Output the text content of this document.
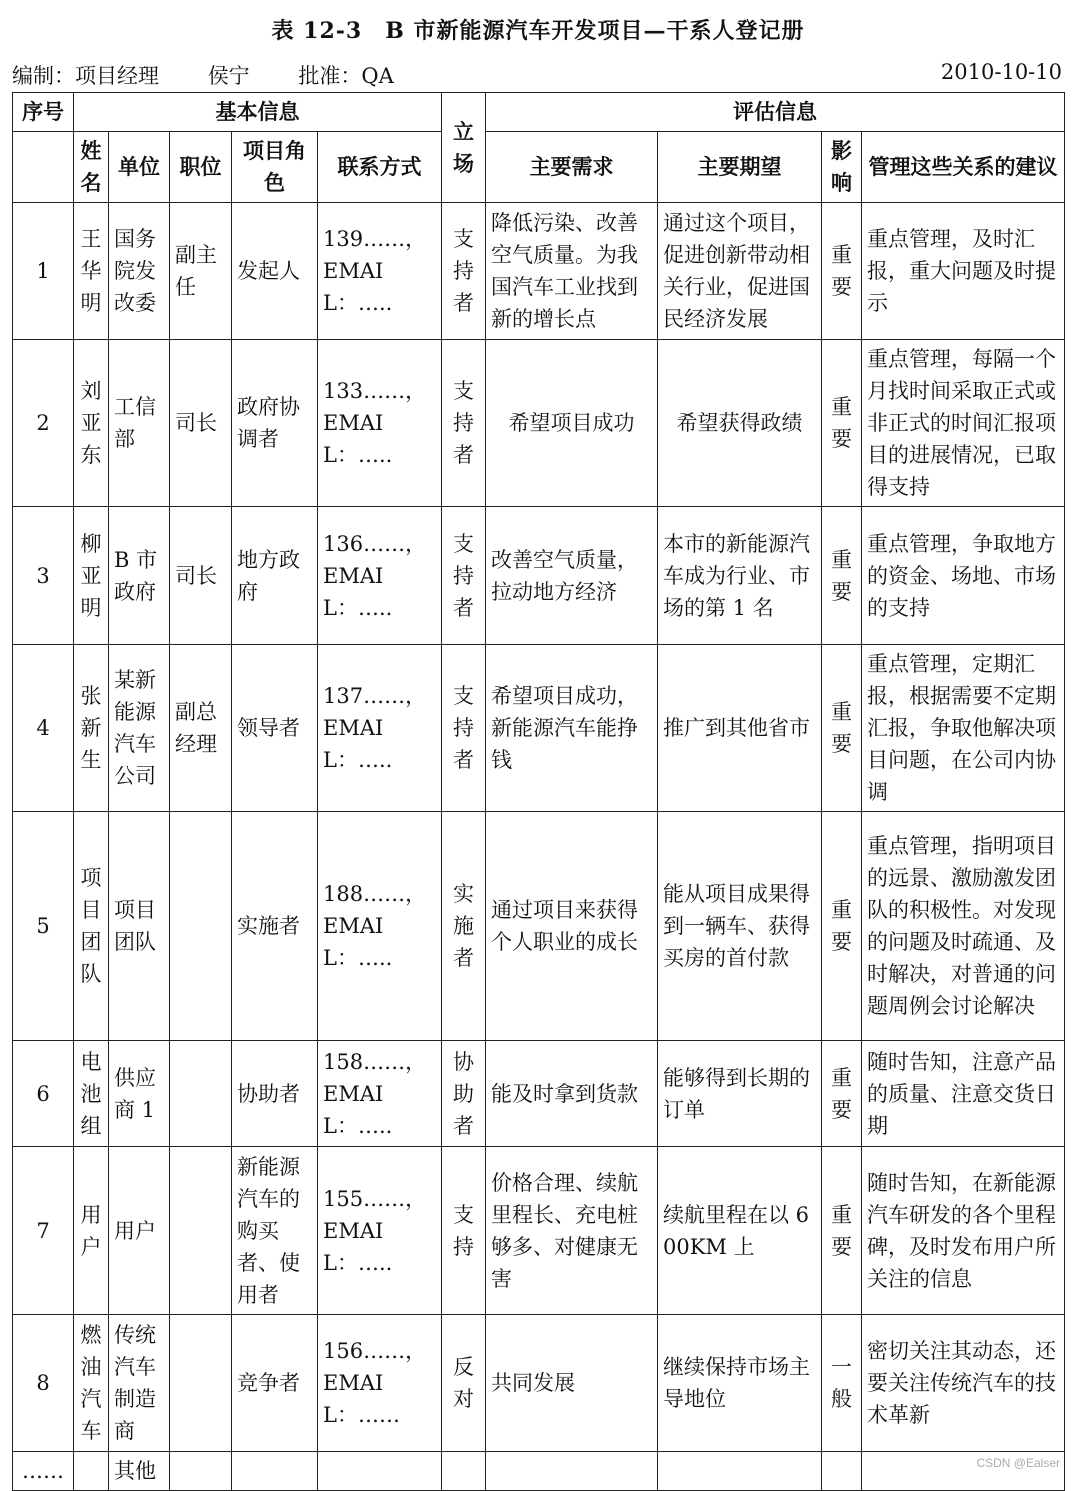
表 12-3　B 市新能源汽车开发项目—干系人登记册
编制：项目经理 侯宁 批准：QA	2010-10-10
序号	基本信息					立场	评估信息			
	姓名	单位	职位	项目角色	联系方式		主要需求	主要期望	影响	管理这些关系的建议
1	王华明	国务院发改委	副主任	发起人	139……，EMAIL：…..	支持者	降低污染、改善空气质量。为我国汽车工业找到新的增长点	通过这个项目，促进创新带动相关行业，促进国民经济发展	重要	重点管理，及时汇报，重大问题及时提示
2	刘亚东	工信部	司长	政府协调者	133……，EMAIL：…..	支持者	希望项目成功	希望获得政绩	重要	重点管理，每隔一个月找时间采取正式或非正式的时间汇报项目的进展情况，已取得支持
3	柳亚明	B 市政府	司长	地方政府	136……，EMAIL：…..	支持者	改善空气质量，拉动地方经济	本市的新能源汽车成为行业、市场的第 1 名	重要	重点管理，争取地方的资金、场地、市场的支持
4	张新生	某新能源汽车公司	副总经理	领导者	137……，EMAIL：…..	支持者	希望项目成功，新能源汽车能挣钱	推广到其他省市	重要	重点管理，定期汇报，根据需要不定期汇报，争取他解决项目问题，在公司内协调
5	项目团队	项目团队		实施者	188……，EMAIL：…..	实施者	通过项目来获得个人职业的成长	能从项目成果得到一辆车、获得买房的首付款	重要	重点管理，指明项目的远景、激励激发团队的积极性。对发现的问题及时疏通、及时解决，对普通的问题周例会讨论解决
6	电池组	供应商 1		协助者	158……，EMAIL：…..	协助者	能及时拿到货款	能够得到长期的订单	重要	随时告知，注意产品的质量、注意交货日期
7	用户	用户		新能源汽车的购买者、使用者	155……，EMAIL：…..	支持	价格合理、续航里程长、充电桩够多、对健康无害	续航里程在以 600KM 上	重要	随时告知，在新能源汽车研发的各个里程碑，及时发布用户所关注的信息
8	燃油汽车	传统汽车制造商		竞争者	156……，EMAIL：……	反对	共同发展	继续保持市场主导地位	一般	密切关注其动态，还要关注传统汽车的技术革新
……		其他									CSDN @Ealser
